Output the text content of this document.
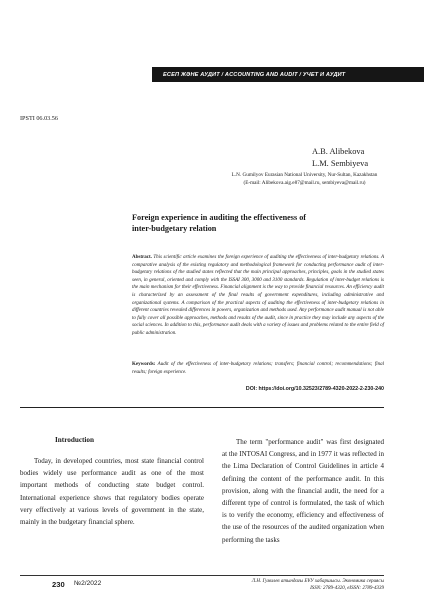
ЕСЕП ЖӘНЕ АУДИТ / ACCOUNTING AND AUDIT / УЧЕТ И АУДИТ
IPSTI 06.03.56
A.B. Alibekova
L.M. Sembiyeva
L.N. Gumilyov Eurasian National University, Nur-Sultan, Kazakhstan
(E-mail: Alibekova.aig.e87@mail.ru, sembiyeva@mail.ru)
Foreign experience in auditing the effectiveness of
inter-budgetary relation
Abstract. This scientific article examines the foreign experience of auditing the effectiveness of inter-budgetary relations. A comparative analysis of the existing regulatory and methodological framework for conducting performance audit of inter-budgetary relations of the studied states reflected that the main principal approaches, principles, goals in the studied states seen, in general, oriented and comply with the ISSAI 300, 3000 and 3100 standards. Regulation of inter-budget relations is the main mechanism for their effectiveness. Financial alignment is the way to provide financial resources. An efficiency audit is characterized by an assessment of the final results of government expenditures, including administrative and organizational systems. A comparison of the practical aspects of auditing the effectiveness of inter-budgetary relations in different countries revealed differences in powers, organization and methods used. Any performance audit manual is not able to fully cover all possible approaches, methods and results of the audit, since in practice they may include any aspects of the social sciences. In addition to this, performance audit deals with a variety of issues and problems related to the entire field of public administration.
Keywords: Audit of the effectiveness of inter-budgetary relations; transfers; financial control; recommendations; final results; foreign experience.
DOI: https://doi.org/10.32523/2789-4320-2022-2-230-240
Introduction
Today, in developed countries, most state financial control bodies widely use performance audit as one of the most important methods of conducting state budget control. International experience shows that regulatory bodies operate very effectively at various levels of government in the state, mainly in the budgetary financial sphere.
The term "performance audit" was first designated at the INTOSAI Congress, and in 1977 it was reflected in the Lima Declaration of Control Guidelines in article 4 defining the content of the performance audit. In this provision, along with the financial audit, the need for a different type of control is formulated, the task of which is to verify the economy, efficiency and effectiveness of the use of the resources of the audited organization when performing the tasks
230 №2/2022	Л.Н. Гумилев атындағы ЕҰУ хабаршысы. Экономика сериясы
ISSN: 2789-4320, eISSN: 2789-4339
